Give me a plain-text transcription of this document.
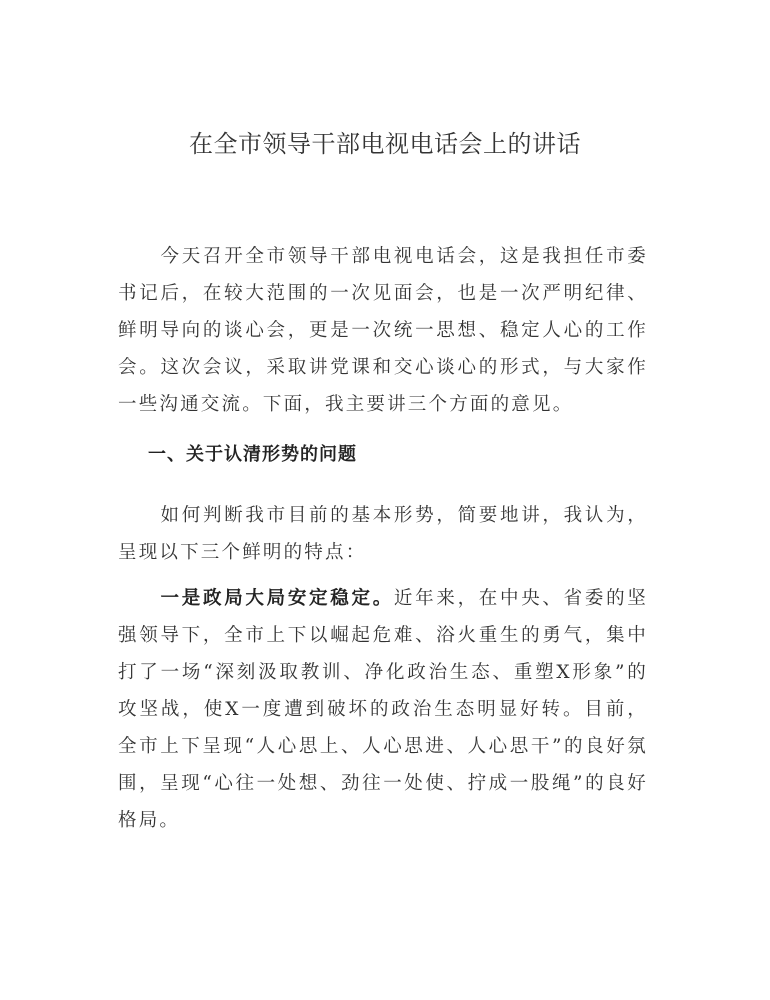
在全市领导干部电视电话会上的讲话

今天召开全市领导干部电视电话会，这是我担任市委书记后，在较大范围的一次见面会，也是一次严明纪律、鲜明导向的谈心会，更是一次统一思想、稳定人心的工作会。这次会议，采取讲党课和交心谈心的形式，与大家作一些沟通交流。下面，我主要讲三个方面的意见。

一、关于认清形势的问题

如何判断我市目前的基本形势，简要地讲，我认为，呈现以下三个鲜明的特点：

一是政局大局安定稳定。近年来，在中央、省委的坚强领导下，全市上下以崛起危难、浴火重生的勇气，集中打了一场“深刻汲取教训、净化政治生态、重塑X形象”的攻坚战，使X一度遭到破坏的政治生态明显好转。目前，全市上下呈现“人心思上、人心思进、人心思干”的良好氛围，呈现“心往一处想、劲往一处使、拧成一股绳”的良好格局。
